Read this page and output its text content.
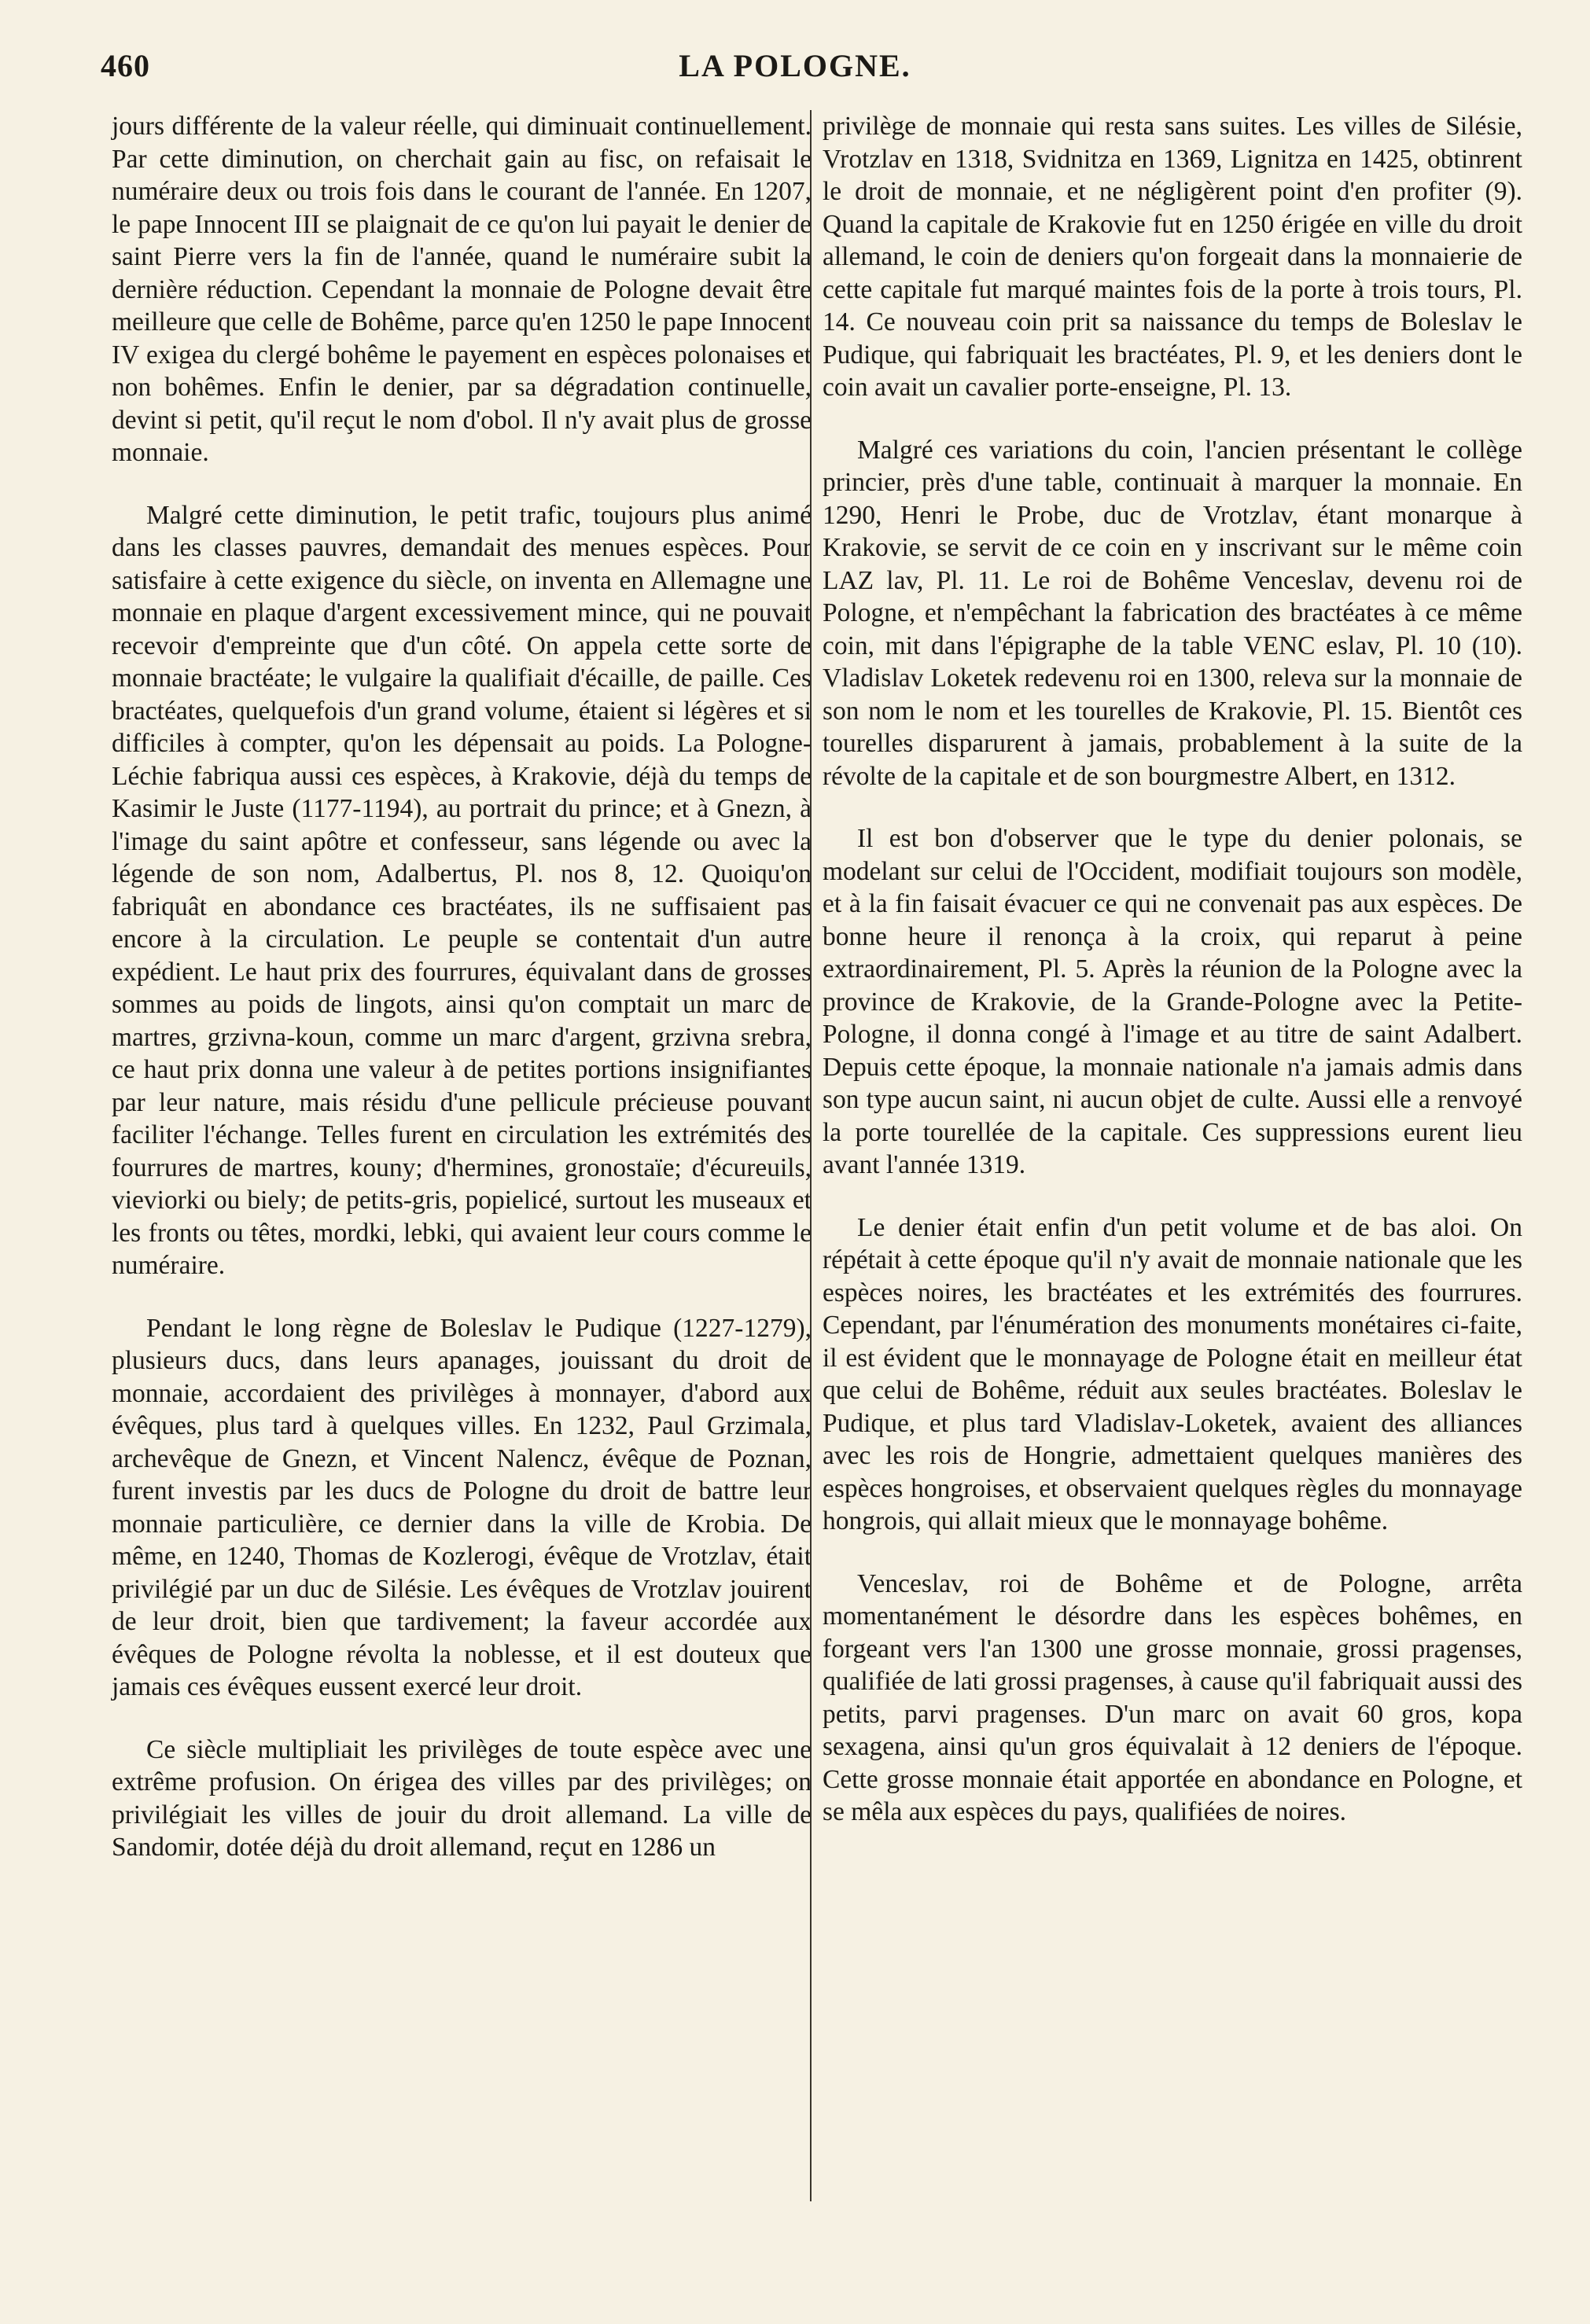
460	LA POLOGNE.

jours différente de la valeur réelle, qui diminuait continuellement. Par cette diminution, on cherchait gain au fisc, on refaisait le numéraire deux ou trois fois dans le courant de l'année. En 1207, le pape Innocent III se plaignait de ce qu'on lui payait le denier de saint Pierre vers la fin de l'année, quand le numéraire subit la dernière réduction. Cependant la monnaie de Pologne devait être meilleure que celle de Bohême, parce qu'en 1250 le pape Innocent IV exigea du clergé bohême le payement en espèces polonaises et non bohêmes. Enfin le denier, par sa dégradation continuelle, devint si petit, qu'il reçut le nom d'obol. Il n'y avait plus de grosse monnaie.

Malgré cette diminution, le petit trafic, toujours plus animé dans les classes pauvres, demandait des menues espèces. Pour satisfaire à cette exigence du siècle, on inventa en Allemagne une monnaie en plaque d'argent excessivement mince, qui ne pouvait recevoir d'empreinte que d'un côté. On appela cette sorte de monnaie bractéate; le vulgaire la qualifiait d'écaille, de paille. Ces bractéates, quelquefois d'un grand volume, étaient si légères et si difficiles à compter, qu'on les dépensait au poids. La Pologne-Léchie fabriqua aussi ces espèces, à Krakovie, déjà du temps de Kasimir le Juste (1177-1194), au portrait du prince; et à Gnezn, à l'image du saint apôtre et confesseur, sans légende ou avec la légende de son nom, Adalbertus, Pl. nos 8, 12. Quoiqu'on fabriquât en abondance ces bractéates, ils ne suffisaient pas encore à la circulation. Le peuple se contentait d'un autre expédient. Le haut prix des fourrures, équivalant dans de grosses sommes au poids de lingots, ainsi qu'on comptait un marc de martres, grzivna-koun, comme un marc d'argent, grzivna srebra, ce haut prix donna une valeur à de petites portions insignifiantes par leur nature, mais résidu d'une pellicule précieuse pouvant faciliter l'échange. Telles furent en circulation les extrémités des fourrures de martres, kouny; d'hermines, gronostaïe; d'écureuils, vieviorki ou biely; de petits-gris, popielicé, surtout les museaux et les fronts ou têtes, mordki, lebki, qui avaient leur cours comme le numéraire.

Pendant le long règne de Boleslav le Pudique (1227-1279), plusieurs ducs, dans leurs apanages, jouissant du droit de monnaie, accordaient des privilèges à monnayer, d'abord aux évêques, plus tard à quelques villes. En 1232, Paul Grzimala, archevêque de Gnezn, et Vincent Nalencz, évêque de Poznan, furent investis par les ducs de Pologne du droit de battre leur monnaie particulière, ce dernier dans la ville de Krobia. De même, en 1240, Thomas de Kozlerogi, évêque de Vrotzlav, était privilégié par un duc de Silésie. Les évêques de Vrotzlav jouirent de leur droit, bien que tardivement; la faveur accordée aux évêques de Pologne révolta la noblesse, et il est douteux que jamais ces évêques eussent exercé leur droit.

Ce siècle multipliait les privilèges de toute espèce avec une extrême profusion. On érigea des villes par des privilèges; on privilégiait les villes de jouir du droit allemand. La ville de Sandomir, dotée déjà du droit allemand, reçut en 1286 un

privilège de monnaie qui resta sans suites. Les villes de Silésie, Vrotzlav en 1318, Svidnitza en 1369, Lignitza en 1425, obtinrent le droit de monnaie, et ne négligèrent point d'en profiter (9). Quand la capitale de Krakovie fut en 1250 érigée en ville du droit allemand, le coin de deniers qu'on forgeait dans la monnaierie de cette capitale fut marqué maintes fois de la porte à trois tours, Pl. 14. Ce nouveau coin prit sa naissance du temps de Boleslav le Pudique, qui fabriquait les bractéates, Pl. 9, et les deniers dont le coin avait un cavalier porte-enseigne, Pl. 13.

Malgré ces variations du coin, l'ancien présentant le collège princier, près d'une table, continuait à marquer la monnaie. En 1290, Henri le Probe, duc de Vrotzlav, étant monarque à Krakovie, se servit de ce coin en y inscrivant sur le même coin LAZ lav, Pl. 11. Le roi de Bohême Venceslav, devenu roi de Pologne, et n'empêchant la fabrication des bractéates à ce même coin, mit dans l'épigraphe de la table VENC eslav, Pl. 10 (10). Vladislav Loketek redevenu roi en 1300, releva sur la monnaie de son nom le nom et les tourelles de Krakovie, Pl. 15. Bientôt ces tourelles disparurent à jamais, probablement à la suite de la révolte de la capitale et de son bourgmestre Albert, en 1312.

Il est bon d'observer que le type du denier polonais, se modelant sur celui de l'Occident, modifiait toujours son modèle, et à la fin faisait évacuer ce qui ne convenait pas aux espèces. De bonne heure il renonça à la croix, qui reparut à peine extraordinairement, Pl. 5. Après la réunion de la Pologne avec la province de Krakovie, de la Grande-Pologne avec la Petite-Pologne, il donna congé à l'image et au titre de saint Adalbert. Depuis cette époque, la monnaie nationale n'a jamais admis dans son type aucun saint, ni aucun objet de culte. Aussi elle a renvoyé la porte tourellée de la capitale. Ces suppressions eurent lieu avant l'année 1319.

Le denier était enfin d'un petit volume et de bas aloi. On répétait à cette époque qu'il n'y avait de monnaie nationale que les espèces noires, les bractéates et les extrémités des fourrures. Cependant, par l'énumération des monuments monétaires ci-faite, il est évident que le monnayage de Pologne était en meilleur état que celui de Bohême, réduit aux seules bractéates. Boleslav le Pudique, et plus tard Vladislav-Loketek, avaient des alliances avec les rois de Hongrie, admettaient quelques manières des espèces hongroises, et observaient quelques règles du monnayage hongrois, qui allait mieux que le monnayage bohême.

Venceslav, roi de Bohême et de Pologne, arrêta momentanément le désordre dans les espèces bohêmes, en forgeant vers l'an 1300 une grosse monnaie, grossi pragenses, qualifiée de lati grossi pragenses, à cause qu'il fabriquait aussi des petits, parvi pragenses. D'un marc on avait 60 gros, kopa sexagena, ainsi qu'un gros équivalait à 12 deniers de l'époque. Cette grosse monnaie était apportée en abondance en Pologne, et se mêla aux espèces du pays, qualifiées de noires.
